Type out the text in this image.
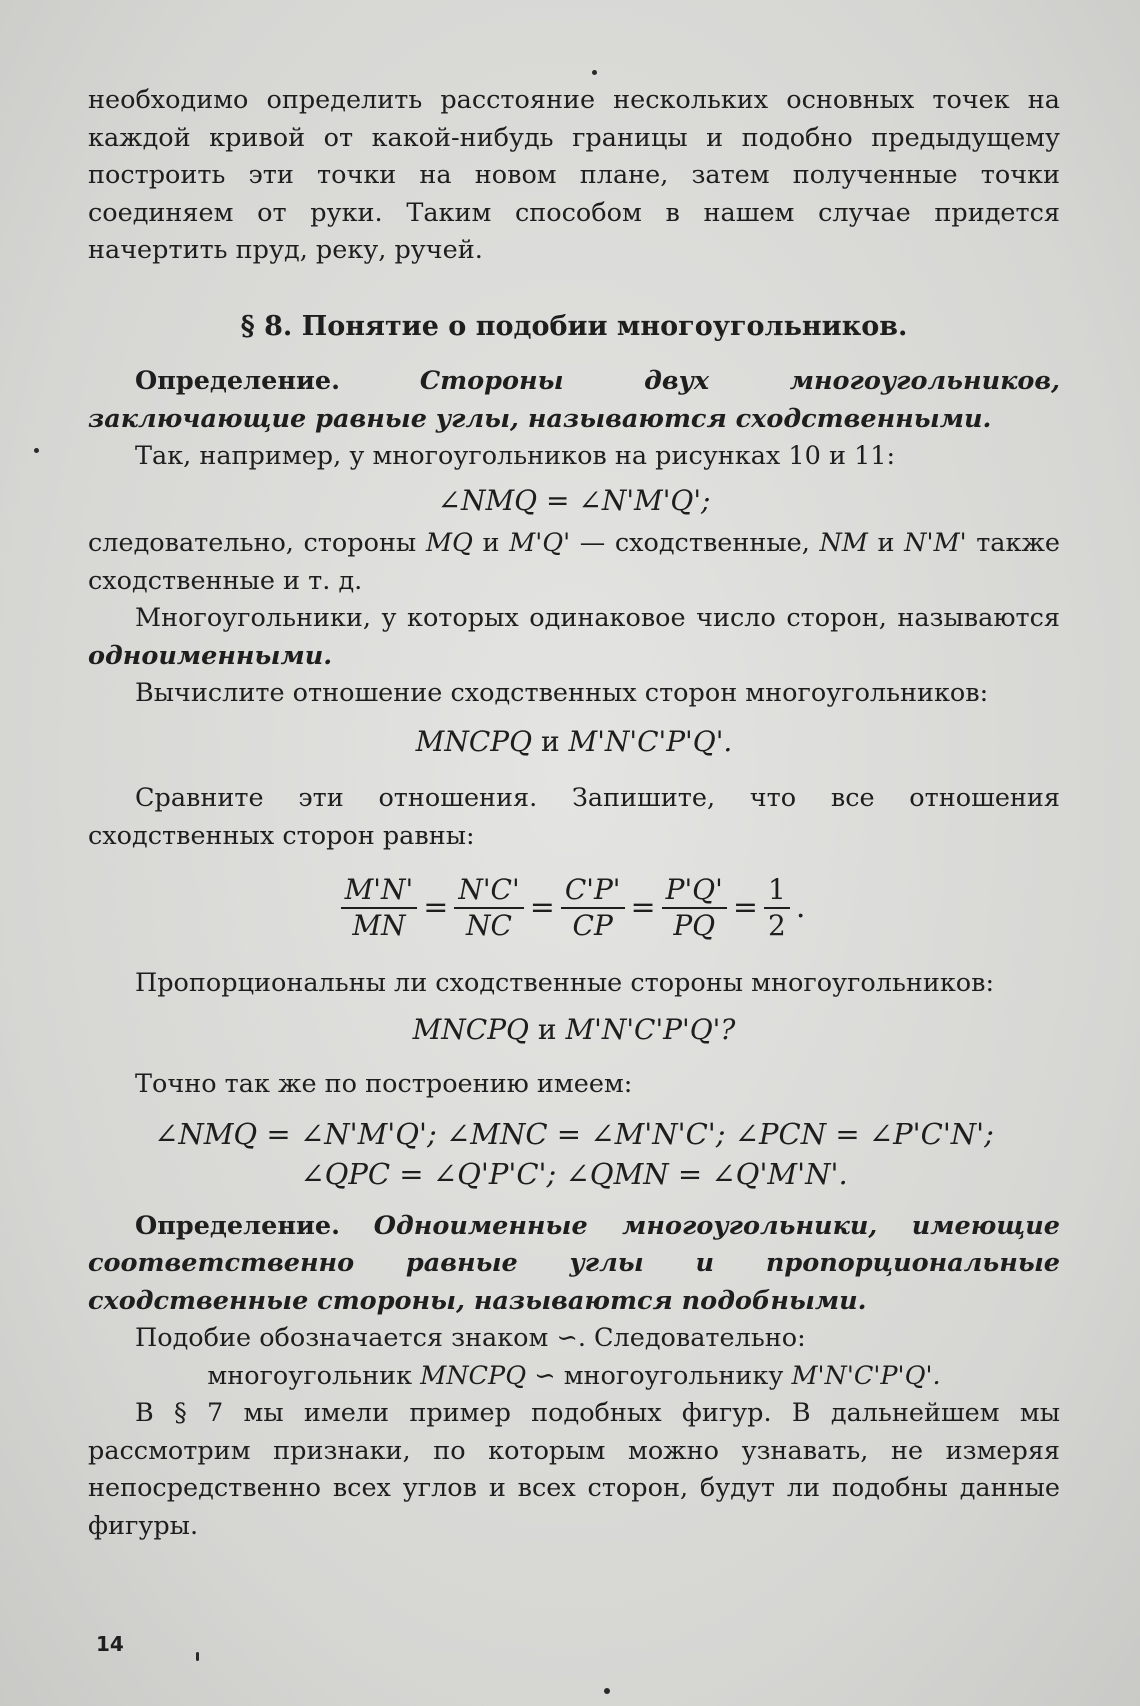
необходимо определить расстояние нескольких основных точек на каждой кривой от какой-нибудь границы и подобно предыдущему построить эти точки на новом плане, затем полученные точки соединяем от руки. Таким способом в нашем случае придется начертить пруд, реку, ручей.

§ 8. Понятие о подобии многоугольников.

Определение.	Стороны двух многоугольников, заключающие равные углы, называются сходственными.

Так, например, у многоугольников на рисунках 10 и 11:

∠NMQ = ∠N'M'Q';

следовательно, стороны MQ и M'Q' — сходственные, NM и N'M' также сходственные и т. д.

Многоугольники, у которых одинаковое число сторон, называются одноименными.

Вычислите отношение сходственных сторон многоугольников:

MNCPQ и M'N'C'P'Q'.

Сравните эти отношения. Запишите, что все отношения сходственных сторон равны:

$\frac{M'N'}{MN} = \frac{N'C'}{NC} = \frac{C'P'}{CP} = \frac{P'Q'}{PQ} = \frac{1}{2}$ .

Пропорциональны ли сходственные стороны многоугольников:

MNCPQ и M'N'C'P'Q'?

Точно так же по построению имеем:

∠NMQ = ∠N'M'Q'; ∠MNC = ∠M'N'C'; ∠PCN = ∠P'C'N';
∠QPC = ∠Q'P'C'; ∠QMN = ∠Q'M'N'.

Определение. Одноименные многоугольники, имеющие соответственно равные углы и пропорциональные сходственные стороны, называются подобными.

Подобие обозначается знаком ∽. Следовательно:

многоугольник MNCPQ ∽ многоугольнику M'N'C'P'Q'.

В § 7 мы имели пример подобных фигур. В дальнейшем мы рассмотрим признаки, по которым можно узнавать, не измеряя непосредственно всех углов и всех сторон, будут ли подобны данные фигуры.

14
